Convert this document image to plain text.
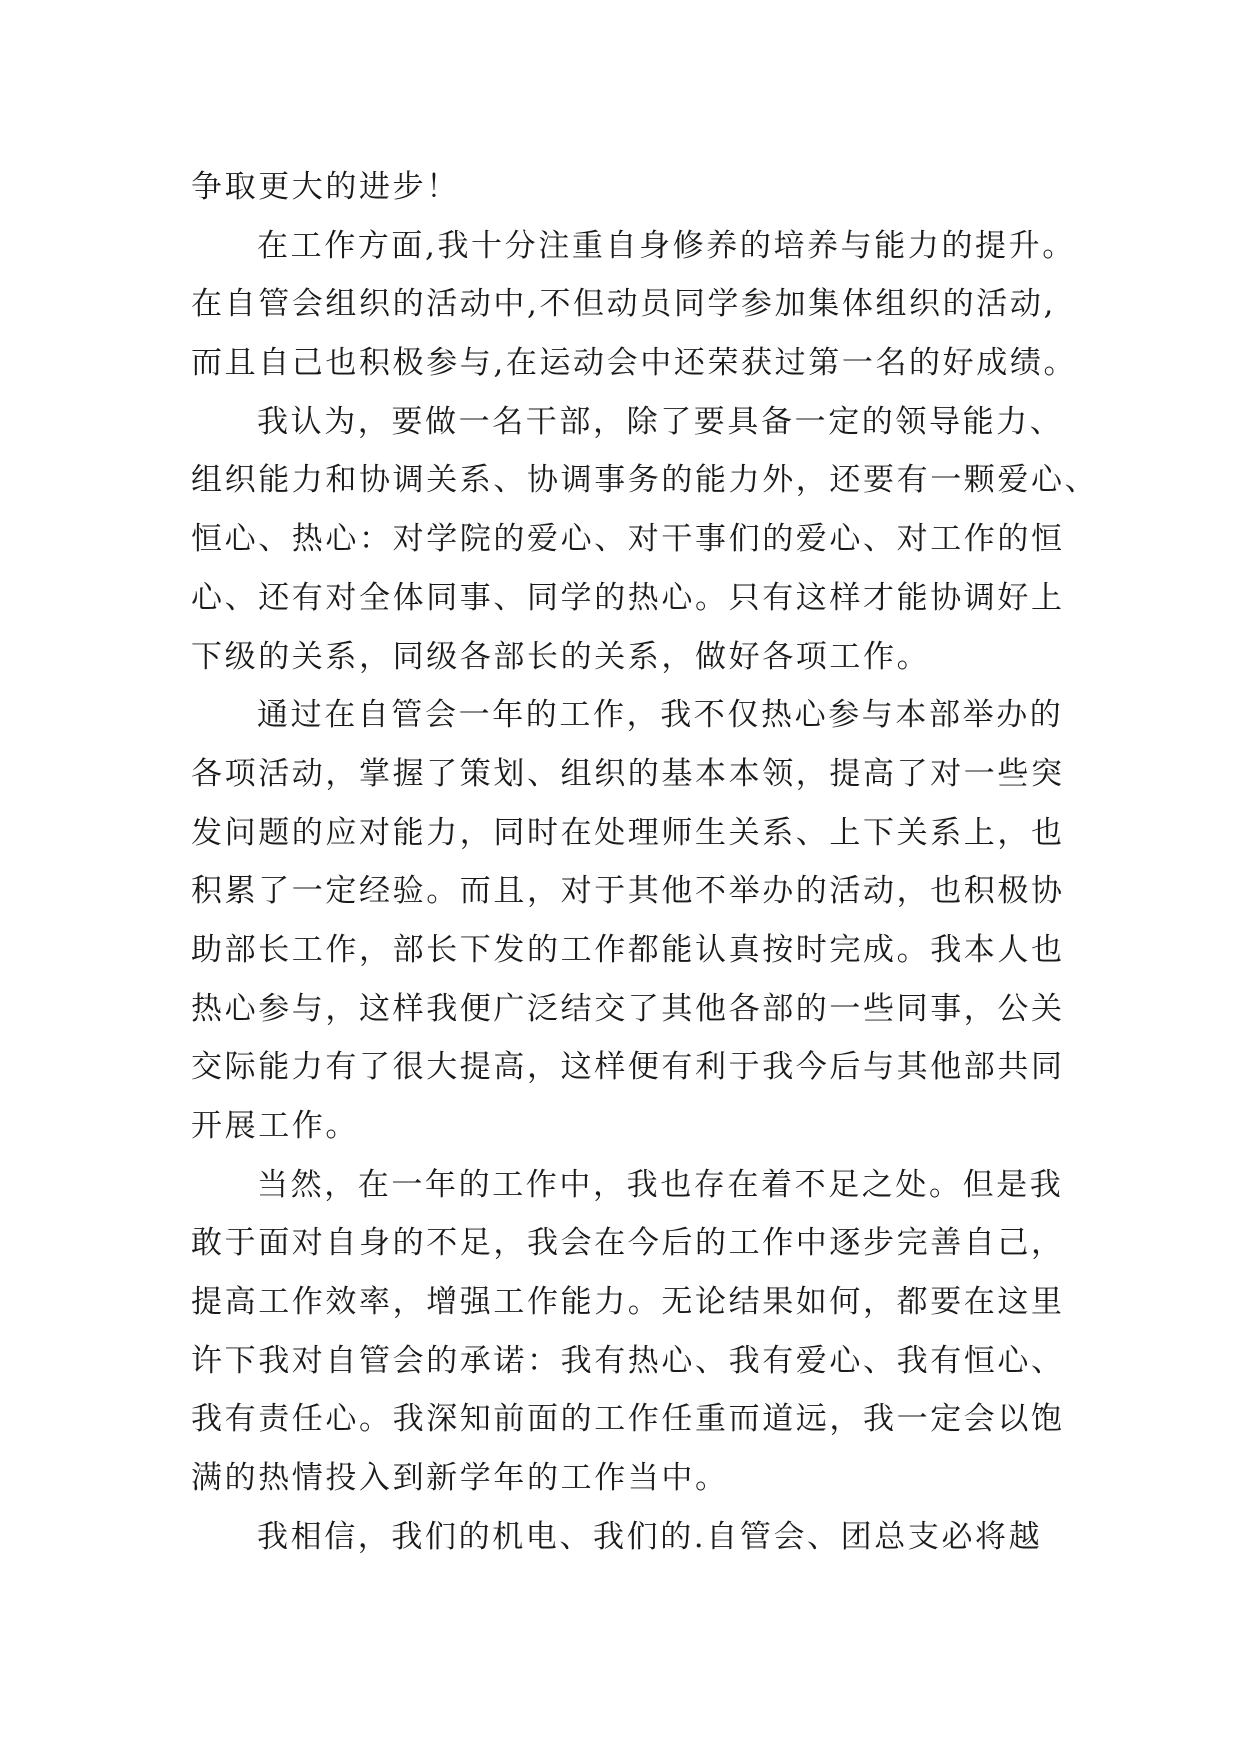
争取更大的进步！
在工作方面,我十分注重自身修养的培养与能力的提升。
在自管会组织的活动中,不但动员同学参加集体组织的活动,
而且自己也积极参与,在运动会中还荣获过第一名的好成绩。
我认为，要做一名干部，除了要具备一定的领导能力、
组织能力和协调关系、协调事务的能力外，还要有一颗爱心、
恒心、热心：对学院的爱心、对干事们的爱心、对工作的恒
心、还有对全体同事、同学的热心。只有这样才能协调好上
下级的关系，同级各部长的关系，做好各项工作。
通过在自管会一年的工作，我不仅热心参与本部举办的
各项活动，掌握了策划、组织的基本本领，提高了对一些突
发问题的应对能力，同时在处理师生关系、上下关系上，也
积累了一定经验。而且，对于其他不举办的活动，也积极协
助部长工作，部长下发的工作都能认真按时完成。我本人也
热心参与，这样我便广泛结交了其他各部的一些同事，公关
交际能力有了很大提高，这样便有利于我今后与其他部共同
开展工作。
当然，在一年的工作中，我也存在着不足之处。但是我
敢于面对自身的不足，我会在今后的工作中逐步完善自己，
提高工作效率，增强工作能力。无论结果如何，都要在这里
许下我对自管会的承诺：我有热心、我有爱心、我有恒心、
我有责任心。我深知前面的工作任重而道远，我一定会以饱
满的热情投入到新学年的工作当中。
我相信，我们的机电、我们的.自管会、团总支必将越
